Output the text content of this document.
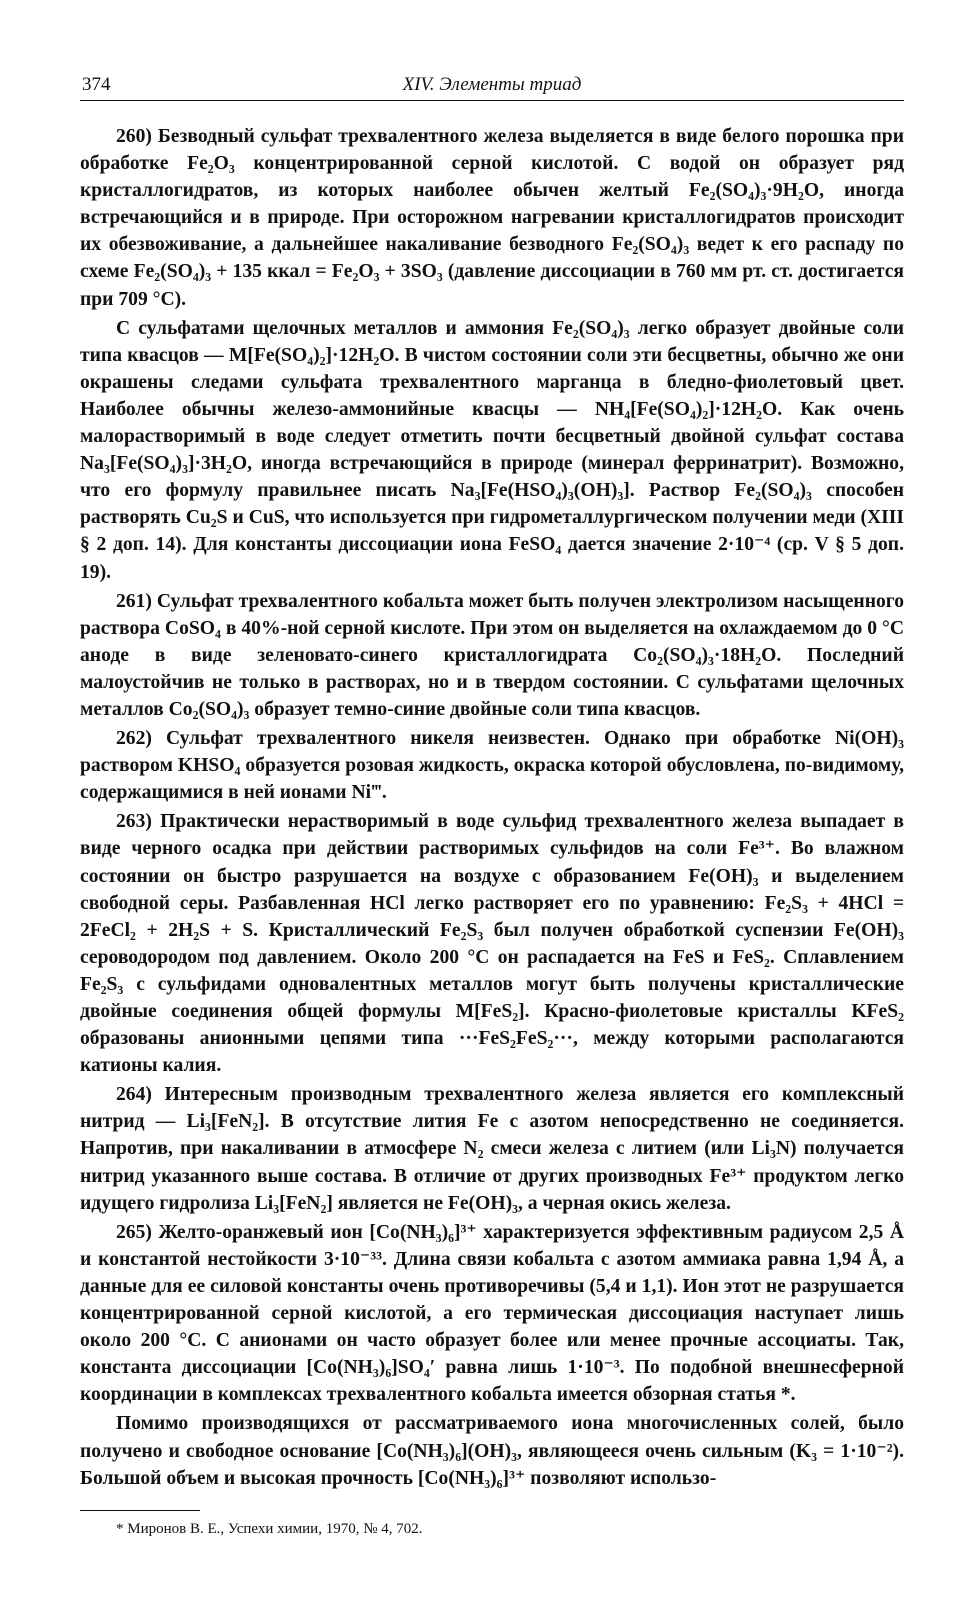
374	XIV. Элементы триад

260) Безводный сульфат трехвалентного железа выделяется в виде белого порошка при обработке Fe₂O₃ концентрированной серной кислотой. С водой он образует ряд кристаллогидратов, из которых наиболее обычен желтый Fe₂(SO₄)₃·9H₂O, иногда встречающийся и в природе. При осторожном нагревании кристаллогидратов происходит их обезвоживание, а дальнейшее накаливание безводного Fe₂(SO₄)₃ ведет к его распаду по схеме Fe₂(SO₄)₃ + 135 ккал = Fe₂O₃ + 3SO₃ (давление диссоциации в 760 мм рт. ст. достигается при 709 °С).

С сульфатами щелочных металлов и аммония Fe₂(SO₄)₃ легко образует двойные соли типа квасцов — M[Fe(SO₄)₂]·12H₂O. В чистом состоянии соли эти бесцветны, обычно же они окрашены следами сульфата трехвалентного марганца в бледно-фиолетовый цвет. Наиболее обычны железо-аммонийные квасцы — NH₄[Fe(SO₄)₂]·12H₂O. Как очень малорастворимый в воде следует отметить почти бесцветный двойной сульфат состава Na₃[Fe(SO₄)₃]·3H₂O, иногда встречающийся в природе (минерал ферринатрит). Возможно, что его формулу правильнее писать Na₃[Fe(HSO₄)₃(OH)₃]. Раствор Fe₂(SO₄)₃ способен растворять Cu₂S и CuS, что используется при гидрометаллургическом получении меди (XIII § 2 доп. 14). Для константы диссоциации иона FeSO₄ дается значение 2·10⁻⁴ (ср. V § 5 доп. 19).

261) Сульфат трехвалентного кобальта может быть получен электролизом насыщенного раствора CoSO₄ в 40%-ной серной кислоте. При этом он выделяется на охлаждаемом до 0 °С аноде в виде зеленовато-синего кристаллогидрата Co₂(SO₄)₃·18H₂O. Последний малоустойчив не только в растворах, но и в твердом состоянии. С сульфатами щелочных металлов Co₂(SO₄)₃ образует темно-синие двойные соли типа квасцов.

262) Сульфат трехвалентного никеля неизвестен. Однако при обработке Ni(OH)₃ раствором KHSO₄ образуется розовая жидкость, окраска которой обусловлена, по-видимому, содержащимися в ней ионами Ni‴.

263) Практически нерастворимый в воде сульфид трехвалентного железа выпадает в виде черного осадка при действии растворимых сульфидов на соли Fe³⁺. Во влажном состоянии он быстро разрушается на воздухе с образованием Fe(OH)₃ и выделением свободной серы. Разбавленная HCl легко растворяет его по уравнению: Fe₂S₃ + 4HCl = 2FeCl₂ + 2H₂S + S. Кристаллический Fe₂S₃ был получен обработкой суспензии Fe(OH)₃ сероводородом под давлением. Около 200 °С он распадается на FeS и FeS₂. Сплавлением Fe₂S₃ с сульфидами одновалентных металлов могут быть получены кристаллические двойные соединения общей формулы M[FeS₂]. Красно-фиолетовые кристаллы KFeS₂ образованы анионными цепями типа ···FeS₂FeS₂···, между которыми располагаются катионы калия.

264) Интересным производным трехвалентного железа является его комплексный нитрид — Li₃[FeN₂]. В отсутствие лития Fe с азотом непосредственно не соединяется. Напротив, при накаливании в атмосфере N₂ смеси железа с литием (или Li₃N) получается нитрид указанного выше состава. В отличие от других производных Fe³⁺ продуктом легко идущего гидролиза Li₃[FeN₂] является не Fe(OH)₃, а черная окись железа.

265) Желто-оранжевый ион [Co(NH₃)₆]³⁺ характеризуется эффективным радиусом 2,5 Å и константой нестойкости 3·10⁻³³. Длина связи кобальта с азотом аммиака равна 1,94 Å, а данные для ее силовой константы очень противоречивы (5,4 и 1,1). Ион этот не разрушается концентрированной серной кислотой, а его термическая диссоциация наступает лишь около 200 °С. С анионами он часто образует более или менее прочные ассоциаты. Так, константа диссоциации [Co(NH₃)₆]SO₄′ равна лишь 1·10⁻³. По подобной внешнесферной координации в комплексах трехвалентного кобальта имеется обзорная статья *.

Помимо производящихся от рассматриваемого иона многочисленных солей, было получено и свободное основание [Co(NH₃)₆](OH)₃, являющееся очень сильным (K₃ = 1·10⁻²). Большой объем и высокая прочность [Co(NH₃)₆]³⁺ позволяют использо-

* Миронов В. Е., Успехи химии, 1970, № 4, 702.
